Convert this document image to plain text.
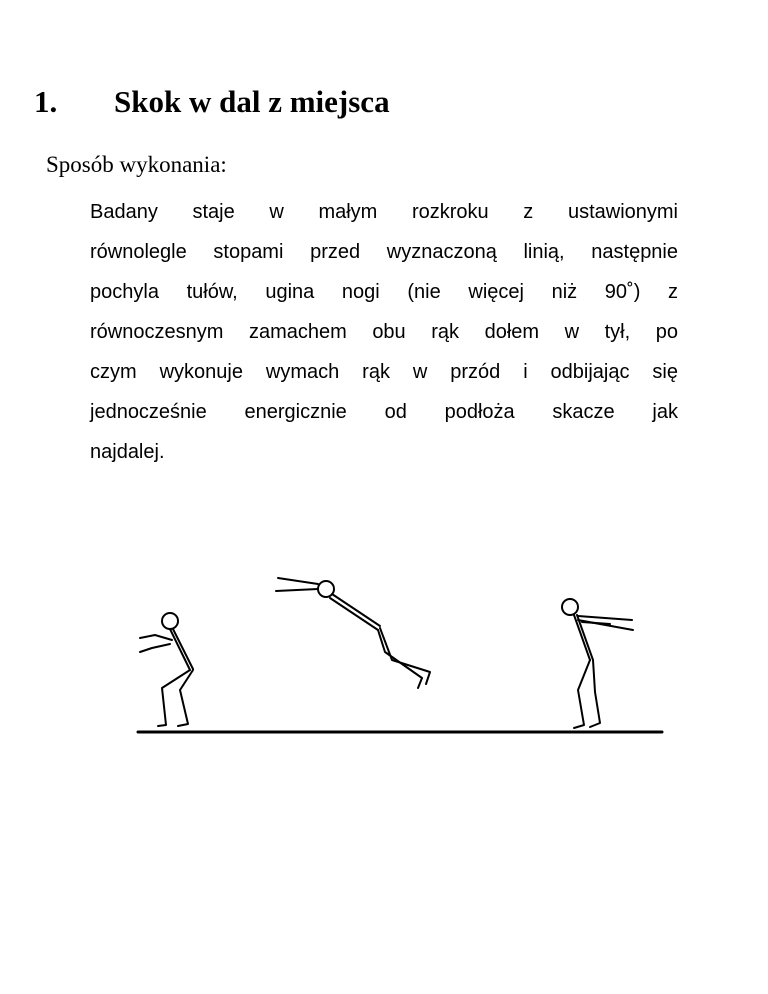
1. Skok w dal z miejsca
Sposób wykonania:
Badany staje w małym rozkroku z ustawionymi
równolegle stopami przed wyznaczoną linią, następnie
pochyla tułów, ugina nogi (nie więcej niż 90˚) z
równoczesnym zamachem obu rąk dołem w tył, po
czym wykonuje wymach rąk w przód i odbijając się
jednocześnie energicznie od podłoża skacze jak
najdalej.
